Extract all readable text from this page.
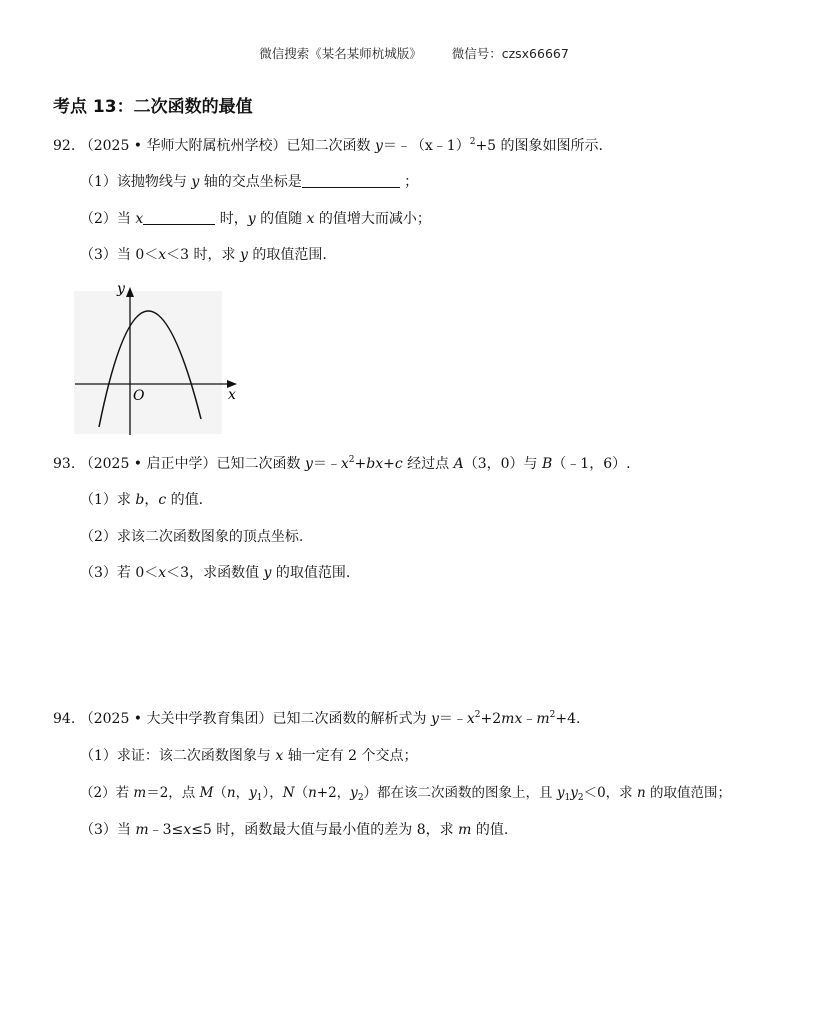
微信搜索《某名某师杭城版》 微信号：czsx66667
考点 13：二次函数的最值
92. （2025 • 华师大附属杭州学校）已知二次函数 y＝﹣（x﹣1）$^2$+5 的图象如图所示.
（1）该抛物线与 y 轴的交点坐标是	；
（2）当 x	时，y 的值随 x 的值增大而减小；
（3）当 0＜x＜3 时，求 y 的取值范围.
y
x
O
93. （2025 • 启正中学）已知二次函数 $y=﹣x^2+bx+c$ 经过点 A（3，0）与 B（﹣1，6）.
（1）求 b，c 的值.
（2）求该二次函数图象的顶点坐标.
（3）若 0＜x＜3，求函数值 y 的取值范围.
94. （2025 • 大关中学教育集团）已知二次函数的解析式为 $y=﹣x^2+2mx﹣m^2+4$.
（1）求证：该二次函数图象与 x 轴一定有 2 个交点；
（2）若 m＝2，点 M（n，$y_1$），N（n+2，$y_2$）都在该二次函数的图象上，且 $y_1y_2<0$，求 n 的取值范围；
（3）当 m﹣3≤x≤5 时，函数最大值与最小值的差为 8，求 m 的值.
